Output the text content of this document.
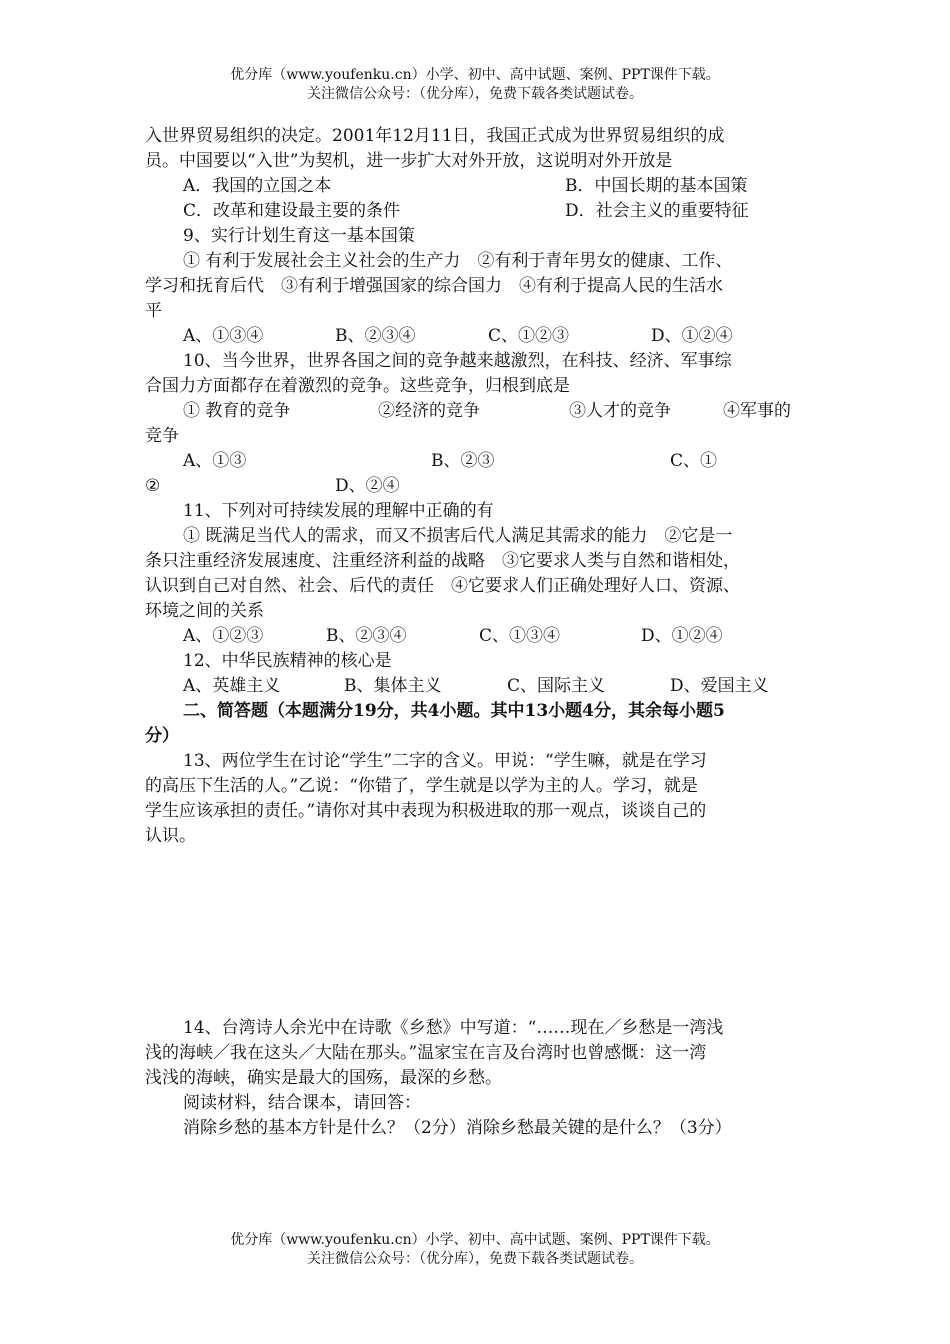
优分库（www.youfenku.cn）小学、初中、高中试题、案例、PPT课件下载。
关注微信公众号：（优分库），免费下载各类试题试卷。

入世界贸易组织的决定。2001年12月11日，我国正式成为世界贸易组织的成

员。中国要以“入世”为契机，进一步扩大对外开放，这说明对外开放是

A．我国的立国之本	B．中国长期的基本国策
C．改革和建设最主要的条件	D．社会主义的重要特征

9、实行计划生育这一基本国策

① 有利于发展社会主义社会的生产力　②有利于青年男女的健康、工作、

学习和抚育后代　③有利于增强国家的综合国力　④有利于提高人民的生活水

平

A、①③④	B、②③④	C、①②③	D、①②④

10、当今世界，世界各国之间的竞争越来越激烈，在科技、经济、军事综

合国力方面都存在着激烈的竞争。这些竞争，归根到底是

① 教育的竞争	②经济的竞争	③人才的竞争	④军事的

竞争

A、①③	B、②③	C、①
②	D、②④

11、下列对可持续发展的理解中正确的有

① 既满足当代人的需求，而又不损害后代人满足其需求的能力　②它是一

条只注重经济发展速度、注重经济利益的战略　③它要求人类与自然和谐相处，

认识到自己对自然、社会、后代的责任　④它要求人们正确处理好人口、资源、

环境之间的关系

A、①②③	B、②③④	C、①③④	D、①②④

12、中华民族精神的核心是

A、英雄主义	B、集体主义	C、国际主义	D、爱国主义

二、简答题（本题满分19分，共4小题。其中13小题4分，其余每小题5

分）

13、两位学生在讨论“学生”二字的含义。甲说：“学生嘛，就是在学习

的高压下生活的人。”乙说：“你错了，学生就是以学为主的人。学习，就是

学生应该承担的责任。”请你对其中表现为积极进取的那一观点，谈谈自己的

认识。

14、台湾诗人余光中在诗歌《乡愁》中写道：“……现在／乡愁是一湾浅

浅的海峡／我在这头／大陆在那头。”温家宝在言及台湾时也曾感慨：这一湾

浅浅的海峡，确实是最大的国殇，最深的乡愁。

阅读材料，结合课本，请回答：

消除乡愁的基本方针是什么？（2分）消除乡愁最关键的是什么？（3分）

优分库（www.youfenku.cn）小学、初中、高中试题、案例、PPT课件下载。
关注微信公众号：（优分库），免费下载各类试题试卷。
